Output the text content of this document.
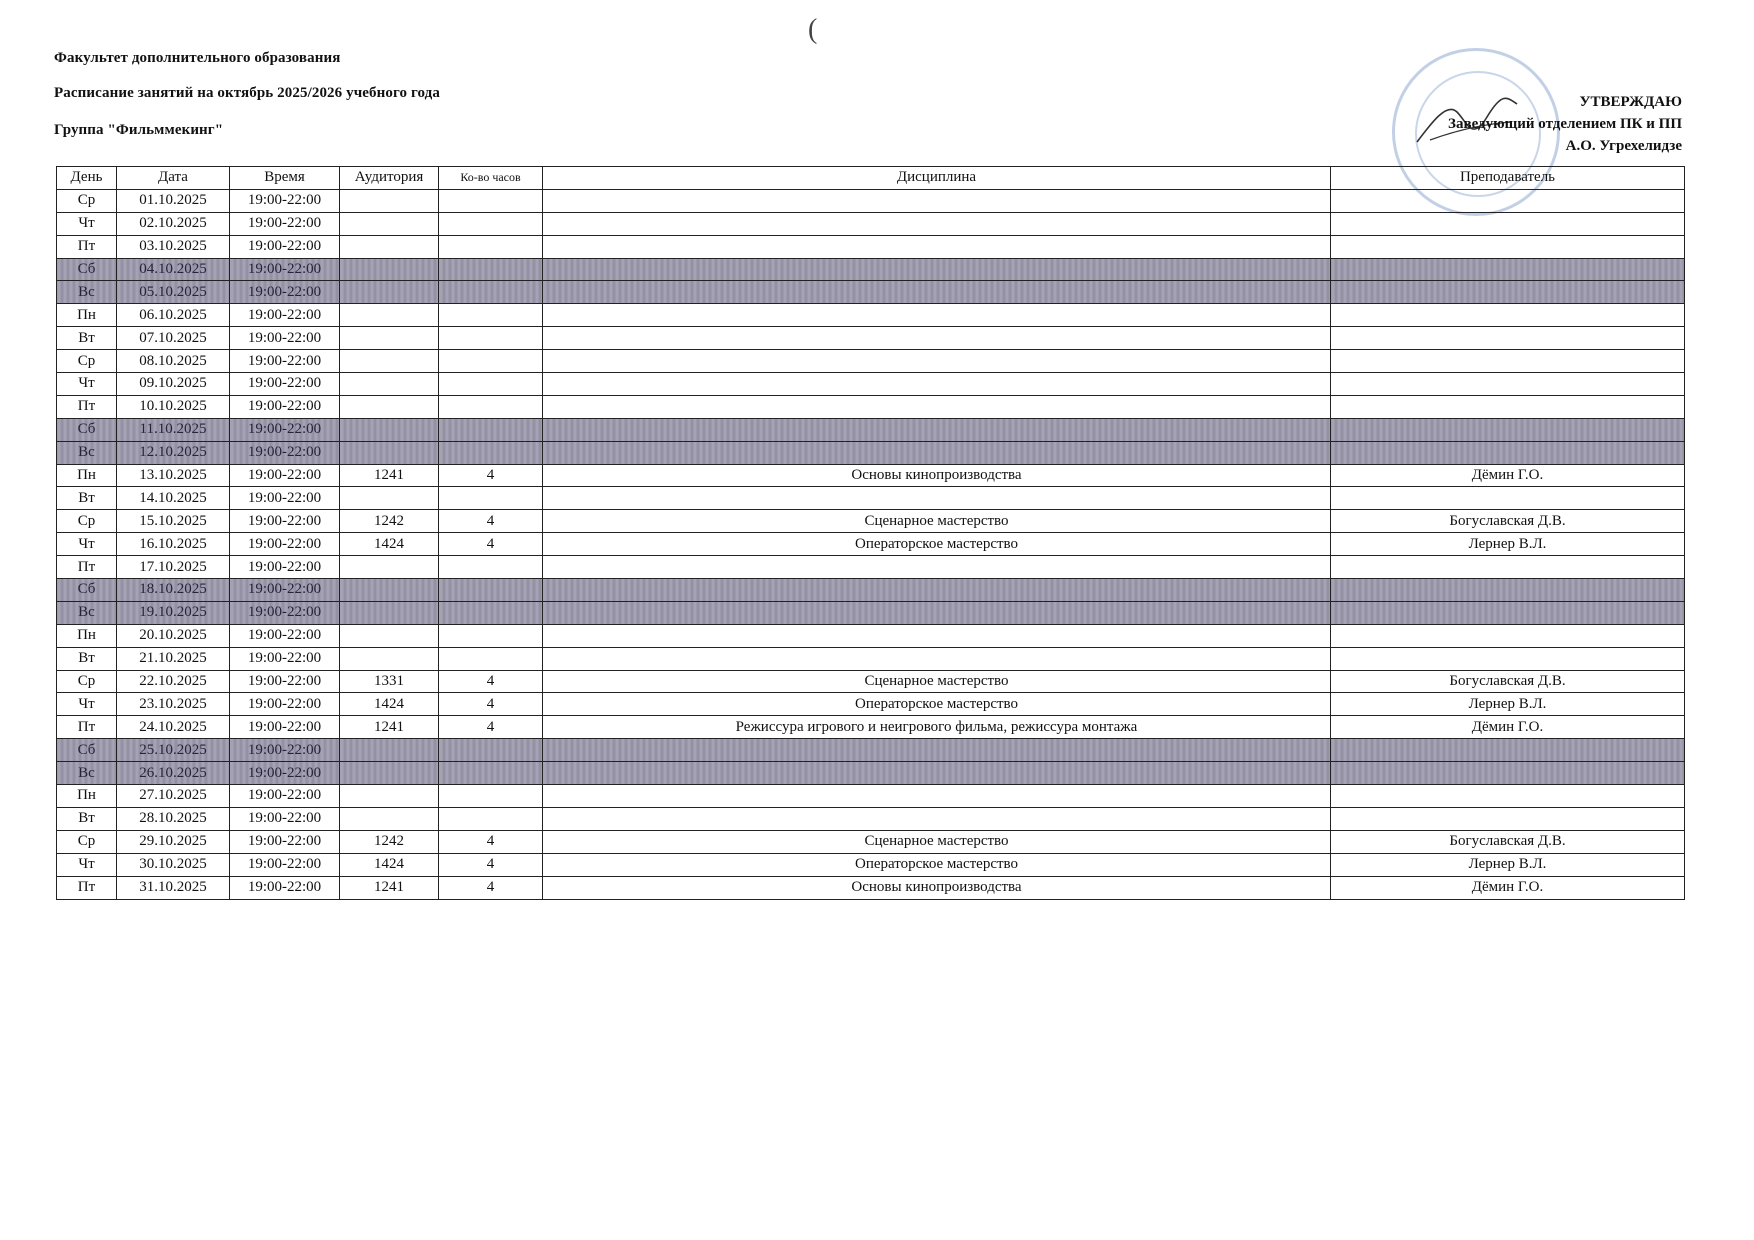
(
Факультет дополнительного образования
Расписание занятий на октябрь 2025/2026 учебного года
Группа "Фильммекинг"
УТВЕРЖДАЮ
Заведующий отделением ПК и ПП
А.О. Угрехелидзе
День	Дата	Время	Аудитория	Ко-во часов	Дисциплина	Преподаватель
Ср	01.10.2025	19:00-22:00				
Чт	02.10.2025	19:00-22:00				
Пт	03.10.2025	19:00-22:00				
Сб	04.10.2025	19:00-22:00				
Вс	05.10.2025	19:00-22:00				
Пн	06.10.2025	19:00-22:00				
Вт	07.10.2025	19:00-22:00				
Ср	08.10.2025	19:00-22:00				
Чт	09.10.2025	19:00-22:00				
Пт	10.10.2025	19:00-22:00				
Сб	11.10.2025	19:00-22:00				
Вс	12.10.2025	19:00-22:00				
Пн	13.10.2025	19:00-22:00	1241	4	Основы кинопроизводства	Дёмин Г.О.
Вт	14.10.2025	19:00-22:00				
Ср	15.10.2025	19:00-22:00	1242	4	Сценарное мастерство	Богуславская Д.В.
Чт	16.10.2025	19:00-22:00	1424	4	Операторское мастерство	Лернер В.Л.
Пт	17.10.2025	19:00-22:00				
Сб	18.10.2025	19:00-22:00				
Вс	19.10.2025	19:00-22:00				
Пн	20.10.2025	19:00-22:00				
Вт	21.10.2025	19:00-22:00				
Ср	22.10.2025	19:00-22:00	1331	4	Сценарное мастерство	Богуславская Д.В.
Чт	23.10.2025	19:00-22:00	1424	4	Операторское мастерство	Лернер В.Л.
Пт	24.10.2025	19:00-22:00	1241	4	Режиссура игрового и неигрового фильма, режиссура монтажа	Дёмин Г.О.
Сб	25.10.2025	19:00-22:00				
Вс	26.10.2025	19:00-22:00				
Пн	27.10.2025	19:00-22:00				
Вт	28.10.2025	19:00-22:00				
Ср	29.10.2025	19:00-22:00	1242	4	Сценарное мастерство	Богуславская Д.В.
Чт	30.10.2025	19:00-22:00	1424	4	Операторское мастерство	Лернер В.Л.
Пт	31.10.2025	19:00-22:00	1241	4	Основы кинопроизводства	Дёмин Г.О.
